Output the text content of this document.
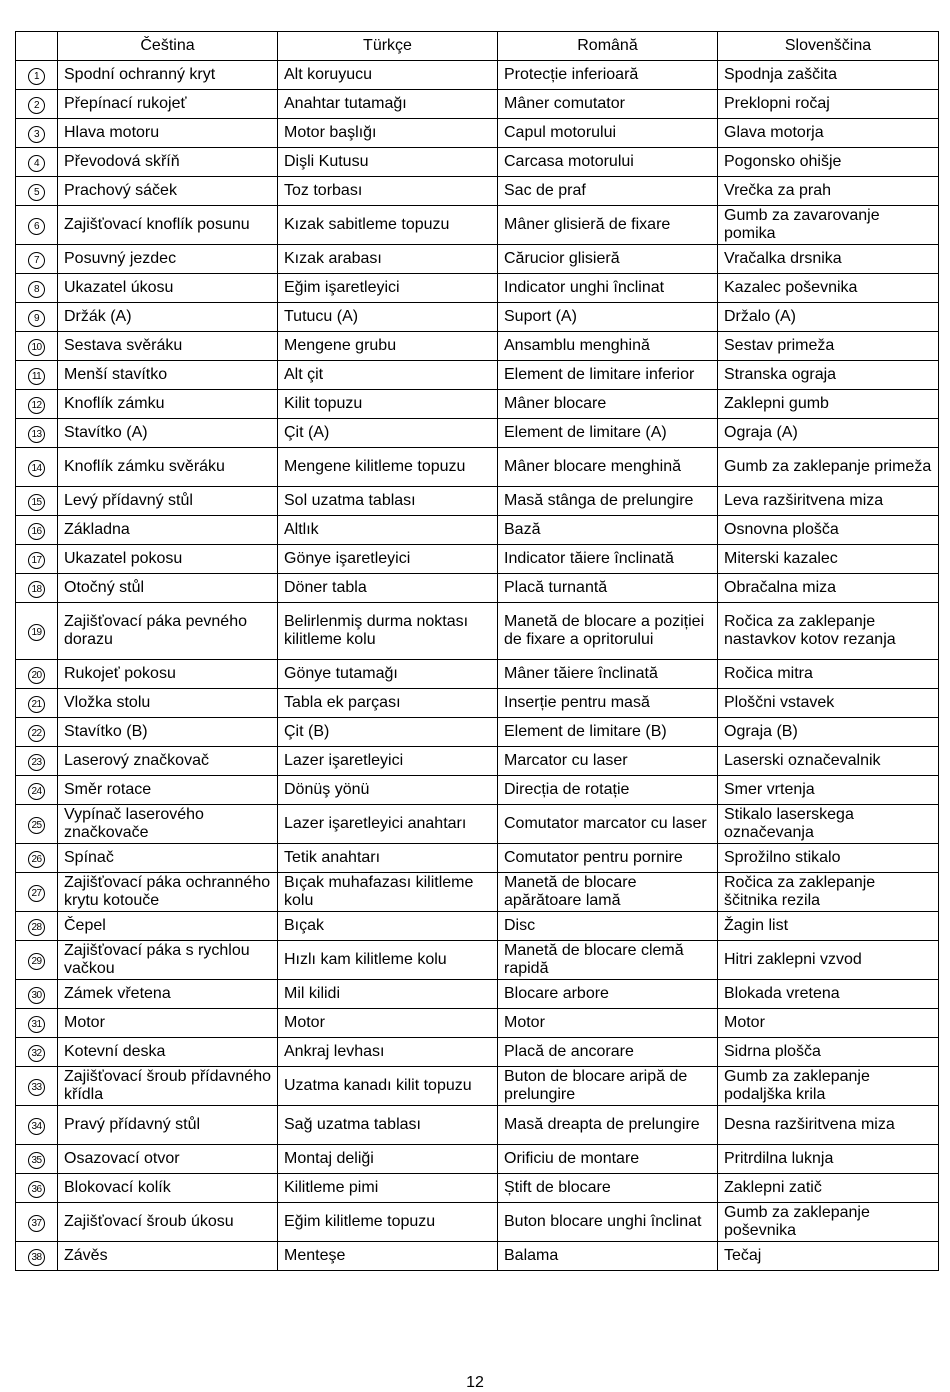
	Čeština	Türkçe	Română	Slovenščina
1	Spodní ochranný kryt	Alt koruyucu	Protecție inferioară	Spodnja zaščita
2	Přepínací rukojeť	Anahtar tutamağı	Mâner comutator	Preklopni ročaj
3	Hlava motoru	Motor başlığı	Capul motorului	Glava motorja
4	Převodová skříň	Dişli Kutusu	Carcasa motorului	Pogonsko ohišje
5	Prachový sáček	Toz torbası	Sac de praf	Vrečka za prah
6	Zajišťovací knoflík posunu	Kızak sabitleme topuzu	Mâner glisieră de fixare	Gumb za zavarovanje pomika
7	Posuvný jezdec	Kızak arabası	Cărucior glisieră	Vračalka drsnika
8	Ukazatel úkosu	Eğim işaretleyici	Indicator unghi înclinat	Kazalec poševnika
9	Držák (A)	Tutucu (A)	Suport (A)	Držalo (A)
10	Sestava svěráku	Mengene grubu	Ansamblu menghină	Sestav primeža
11	Menší stavítko	Alt çit	Element de limitare inferior	Stranska ograja
12	Knoflík zámku	Kilit topuzu	Mâner blocare	Zaklepni gumb
13	Stavítko (A)	Çit (A)	Element de limitare (A)	Ograja (A)
14	Knoflík zámku svěráku	Mengene kilitleme topuzu	Mâner blocare menghină	Gumb za zaklepanje primeža
15	Levý přídavný stůl	Sol uzatma tablası	Masă stânga de prelungire	Leva razširitvena miza
16	Základna	Altlık	Bază	Osnovna plošča
17	Ukazatel pokosu	Gönye işaretleyici	Indicator tăiere înclinată	Miterski kazalec
18	Otočný stůl	Döner tabla	Placă turnantă	Obračalna miza
19	Zajišťovací páka pevného dorazu	Belirlenmiş durma noktası kilitleme kolu	Manetă de blocare a poziției de fixare a opritorului	Ročica za zaklepanje nastavkov kotov rezanja
20	Rukojeť pokosu	Gönye tutamağı	Mâner tăiere înclinată	Ročica mitra
21	Vložka stolu	Tabla ek parçası	Inserție pentru masă	Ploščni vstavek
22	Stavítko (B)	Çit (B)	Element de limitare (B)	Ograja (B)
23	Laserový značkovač	Lazer işaretleyici	Marcator cu laser	Laserski označevalnik
24	Směr rotace	Dönüş yönü	Direcția de rotație	Smer vrtenja
25	Vypínač laserového značkovače	Lazer işaretleyici anahtarı	Comutator marcator cu laser	Stikalo laserskega označevanja
26	Spínač	Tetik anahtarı	Comutator pentru pornire	Sprožilno stikalo
27	Zajišťovací páka ochranného krytu kotouče	Bıçak muhafazası kilitleme kolu	Manetă de blocare apărătoare lamă	Ročica za zaklepanje ščitnika rezila
28	Čepel	Bıçak	Disc	Žagin list
29	Zajišťovací páka s rychlou vačkou	Hızlı kam kilitleme kolu	Manetă de blocare clemă rapidă	Hitri zaklepni vzvod
30	Zámek vřetena	Mil kilidi	Blocare arbore	Blokada vretena
31	Motor	Motor	Motor	Motor
32	Kotevní deska	Ankraj levhası	Placă de ancorare	Sidrna plošča
33	Zajišťovací šroub přídavného křídla	Uzatma kanadı kilit topuzu	Buton de blocare aripă de prelungire	Gumb za zaklepanje podaljška krila
34	Pravý přídavný stůl	Sağ uzatma tablası	Masă dreapta de prelungire	Desna razširitvena miza
35	Osazovací otvor	Montaj deliği	Orificiu de montare	Pritrdilna luknja
36	Blokovací kolík	Kilitleme pimi	Știft de blocare	Zaklepni zatič
37	Zajišťovací šroub úkosu	Eğim kilitleme topuzu	Buton blocare unghi înclinat	Gumb za zaklepanje poševnika
38	Závěs	Menteşe	Balama	Tečaj
12
